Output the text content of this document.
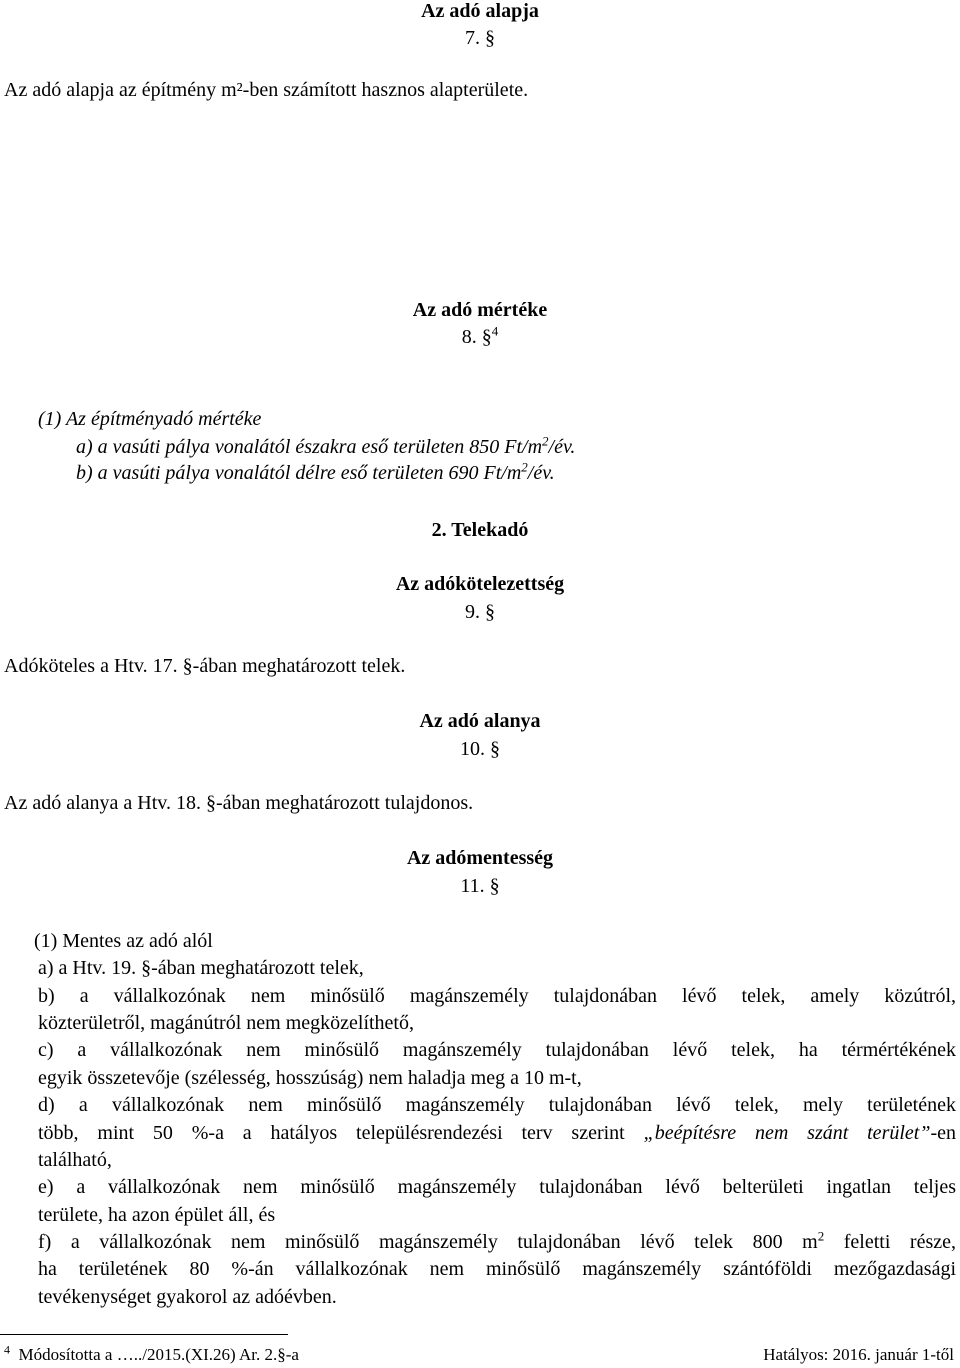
Az adó alapja
7. §
Az adó alapja az építmény m²-ben számított hasznos alapterülete.
Az adó mértéke
8. §$^4$
(1) Az építményadó mértéke
a) a vasúti pálya vonalától északra eső területen 850 $Ft/m^2/év$.
b) a vasúti pálya vonalától délre eső területen 690 $Ft/m^2/év$.
2. Telekadó
Az adókötelezettség
9. §
Adóköteles a Htv. 17. §-ában meghatározott telek.
Az adó alanya
10. §
Az adó alanya a Htv. 18. §-ában meghatározott tulajdonos.
Az adómentesség
11. §
(1) Mentes az adó alól
a) a Htv. 19. §-ában meghatározott telek,
b) a vállalkozónak nem minősülő magánszemély tulajdonában lévő telek, amely közútról,
közterületről, magánútról nem megközelíthető,
c) a vállalkozónak nem minősülő magánszemély tulajdonában lévő telek, ha térmértékének
egyik összetevője (szélesség, hosszúság) nem haladja meg a 10 m-t,
d) a vállalkozónak nem minősülő magánszemély tulajdonában lévő telek, mely területének
több, mint 50 %-a a hatályos településrendezési terv szerint „beépítésre nem szánt terület”-en
található,
e) a vállalkozónak nem minősülő magánszemély tulajdonában lévő belterületi ingatlan teljes
területe, ha azon épület áll, és
f) a vállalkozónak nem minősülő magánszemély tulajdonában lévő telek 800 $m^2$ feletti része,
ha területének 80 %-án vállalkozónak nem minősülő magánszemély szántóföldi mezőgazdasági
tevékenységet gyakorol az adóévben.
$^4$ Módosította a …../2015.(XI.26) Ar. 2.§-a	Hatályos: 2016. január 1-től
